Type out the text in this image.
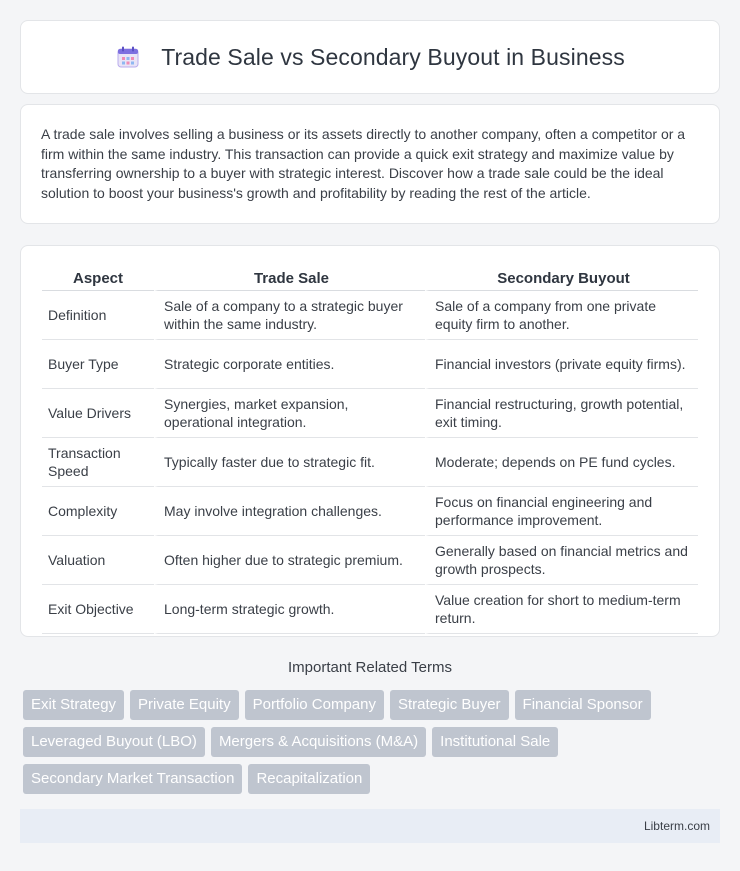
Trade Sale vs Secondary Buyout in Business

A trade sale involves selling a business or its assets directly to another company, often a competitor or a firm within the same industry. This transaction can provide a quick exit strategy and maximize value by transferring ownership to a buyer with strategic interest. Discover how a trade sale could be the ideal solution to boost your business's growth and profitability by reading the rest of the article.

Aspect	Trade Sale	Secondary Buyout
Definition	Sale of a company to a strategic buyer within the same industry.	Sale of a company from one private equity firm to another.
Buyer Type	Strategic corporate entities.	Financial investors (private equity firms).
Value Drivers	Synergies, market expansion, operational integration.	Financial restructuring, growth potential, exit timing.
Transaction Speed	Typically faster due to strategic fit.	Moderate; depends on PE fund cycles.
Complexity	May involve integration challenges.	Focus on financial engineering and performance improvement.
Valuation	Often higher due to strategic premium.	Generally based on financial metrics and growth prospects.
Exit Objective	Long-term strategic growth.	Value creation for short to medium-term return.
Important Related Terms
Exit Strategy	Private Equity	Portfolio Company	Strategic Buyer	Financial Sponsor
Leveraged Buyout (LBO)	Mergers & Acquisitions (M&A)	Institutional Sale
Secondary Market Transaction	Recapitalization
Libterm.com
